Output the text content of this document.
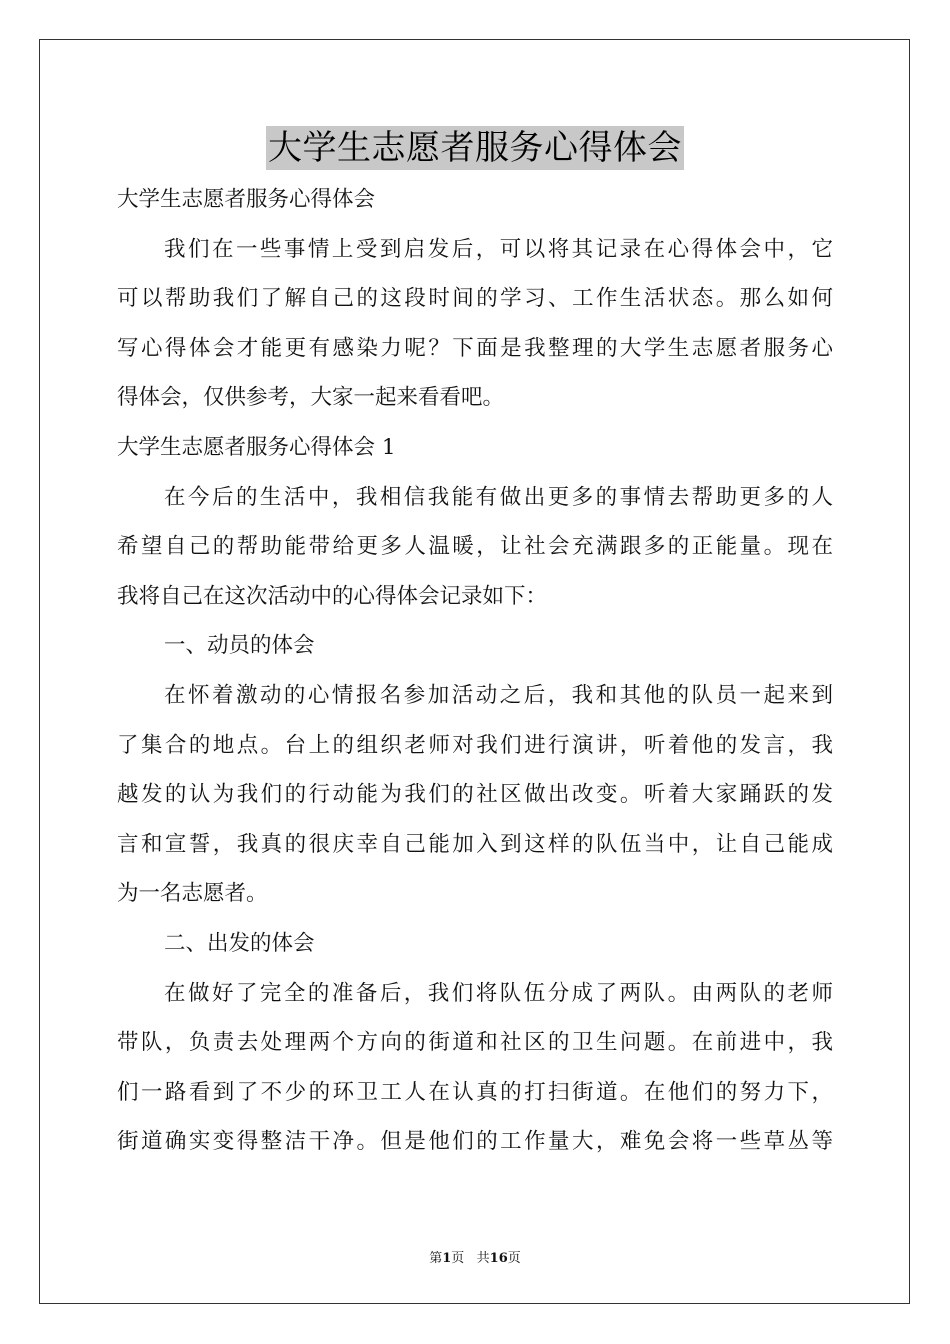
大学生志愿者服务心得体会
大学生志愿者服务心得体会
我们在一些事情上受到启发后，可以将其记录在心得体会中，它
可以帮助我们了解自己的这段时间的学习、工作生活状态。那么如何
写心得体会才能更有感染力呢？下面是我整理的大学生志愿者服务心
得体会，仅供参考，大家一起来看看吧。
大学生志愿者服务心得体会 1
在今后的生活中，我相信我能有做出更多的事情去帮助更多的人
希望自己的帮助能带给更多人温暖，让社会充满跟多的正能量。现在
我将自己在这次活动中的心得体会记录如下：
一、动员的体会
在怀着激动的心情报名参加活动之后，我和其他的队员一起来到
了集合的地点。台上的组织老师对我们进行演讲，听着他的发言，我
越发的认为我们的行动能为我们的社区做出改变。听着大家踊跃的发
言和宣誓，我真的很庆幸自己能加入到这样的队伍当中，让自己能成
为一名志愿者。
二、出发的体会
在做好了完全的准备后，我们将队伍分成了两队。由两队的老师
带队，负责去处理两个方向的街道和社区的卫生问题。在前进中，我
们一路看到了不少的环卫工人在认真的打扫街道。在他们的努力下，
街道确实变得整洁干净。但是他们的工作量大，难免会将一些草丛等
第1页   共16页
